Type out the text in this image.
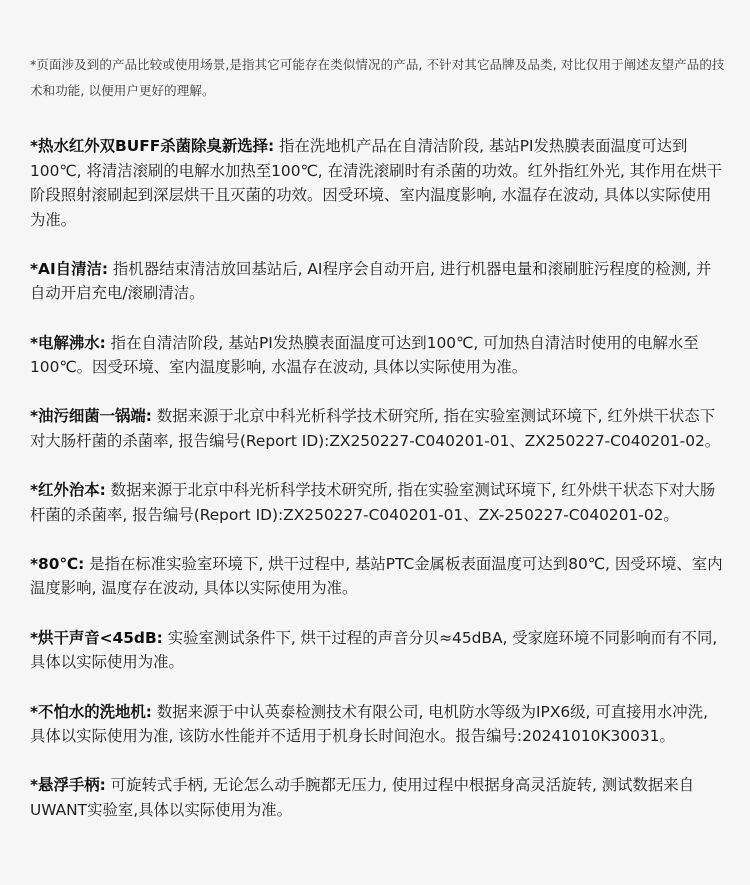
*页面涉及到的产品比较或使用场景,是指其它可能存在类似情况的产品, 不针对其它品牌及品类, 对比仅用于阐述友望产品的技术和功能, 以便用户更好的理解。

*热水红外双BUFF杀菌除臭新选择: 指在洗地机产品在自清洁阶段, 基站PI发热膜表面温度可达到100℃, 将清洁滚刷的电解水加热至100℃, 在清洗滚刷时有杀菌的功效。红外指红外光, 其作用在烘干阶段照射滚刷起到深层烘干且灭菌的功效。因受环境、室内温度影响, 水温存在波动, 具体以实际使用为准。

*AI自清洁: 指机器结束清洁放回基站后, AI程序会自动开启, 进行机器电量和滚刷脏污程度的检测, 并自动开启充电/滚刷清洁。

*电解沸水: 指在自清洁阶段, 基站PI发热膜表面温度可达到100℃, 可加热自清洁时使用的电解水至100℃。因受环境、室内温度影响, 水温存在波动, 具体以实际使用为准。

*油污细菌一锅端: 数据来源于北京中科光析科学技术研究所, 指在实验室测试环境下, 红外烘干状态下对大肠杆菌的杀菌率, 报告编号(Report ID):ZX250227-C040201-01、ZX250227-C040201-02。

*红外治本: 数据来源于北京中科光析科学技术研究所, 指在实验室测试环境下, 红外烘干状态下对大肠杆菌的杀菌率, 报告编号(Report ID):ZX250227-C040201-01、ZX-250227-C040201-02。

*80℃: 是指在标准实验室环境下, 烘干过程中, 基站PTC金属板表面温度可达到80℃, 因受环境、室内温度影响, 温度存在波动, 具体以实际使用为准。

*烘干声音<45dB: 实验室测试条件下, 烘干过程的声音分贝≈45dBA, 受家庭环境不同影响而有不同, 具体以实际使用为准。

*不怕水的洗地机: 数据来源于中认英泰检测技术有限公司, 电机防水等级为IPX6级, 可直接用水冲洗, 具体以实际使用为准, 该防水性能并不适用于机身长时间泡水。报告编号:20241010K30031。

*悬浮手柄: 可旋转式手柄, 无论怎么动手腕都无压力, 使用过程中根据身高灵活旋转, 测试数据来自UWANT实验室,具体以实际使用为准。
